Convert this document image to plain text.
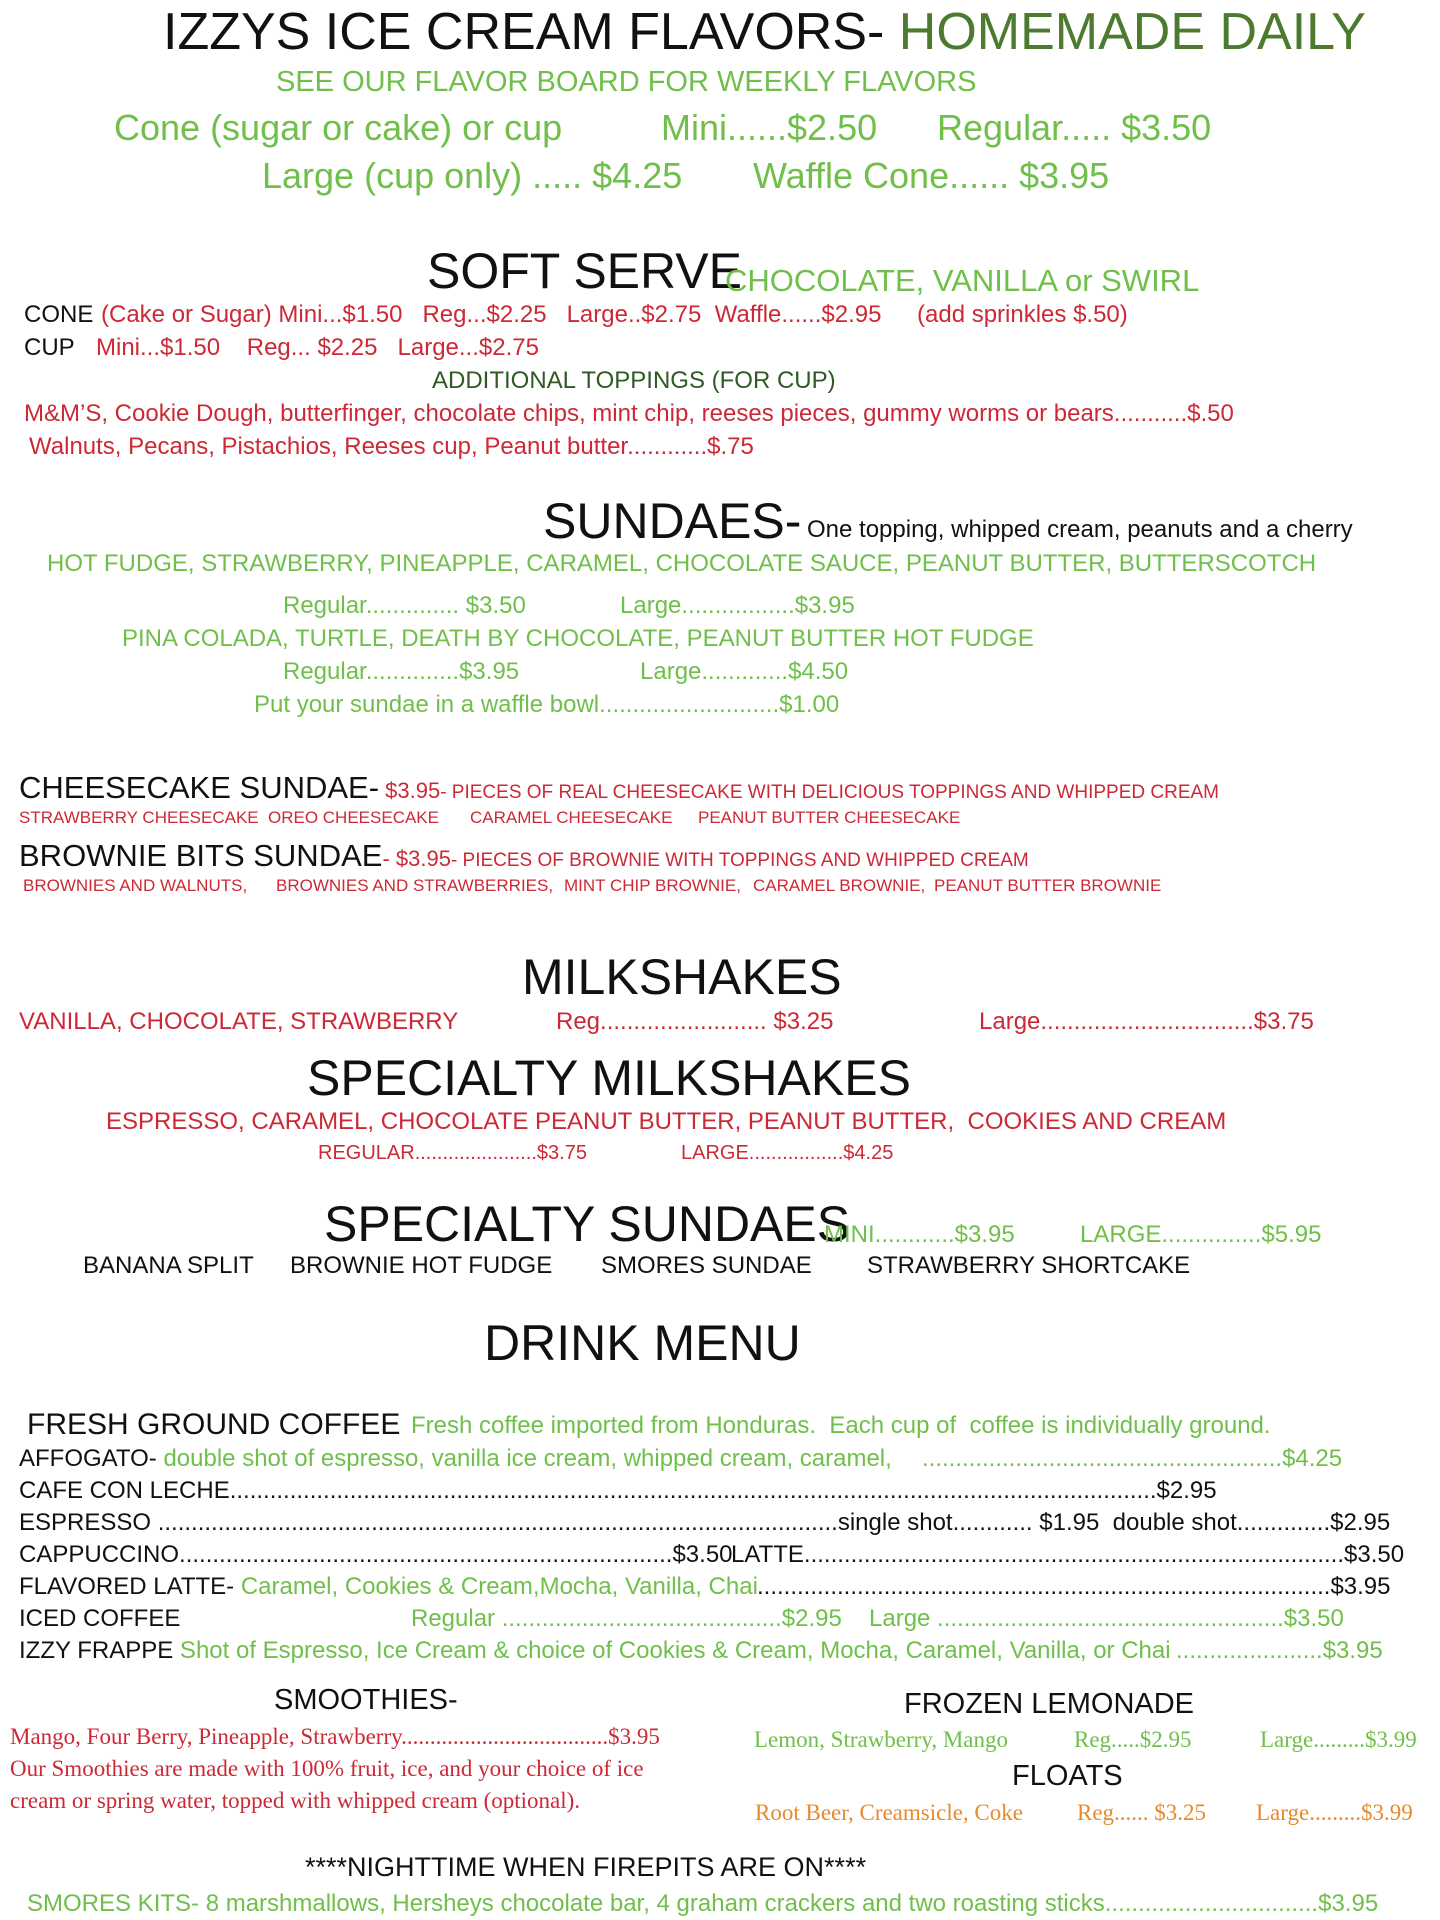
IZZYS ICE CREAM FLAVORS- HOMEMADE DAILY
SEE OUR FLAVOR BOARD FOR WEEKLY FLAVORS
Cone (sugar or cake) or cup	Mini......$2.50 Regular..... $3.50
Large (cup only) ..... $4.25 Waffle Cone...... $3.95
SOFT SERVE
CHOCOLATE, VANILLA or SWIRL
CONE (Cake or Sugar) Mini...$1.50   Reg...$2.25   Large..$2.75  Waffle......$2.95 (add sprinkles $.50)
CUP Mini...$1.50    Reg... $2.25   Large...$2.75
ADDITIONAL TOPPINGS (FOR CUP)
M&M’S, Cookie Dough, butterfinger, chocolate chips, mint chip, reeses pieces, gummy worms or bears...........$.50
Walnuts, Pecans, Pistachios, Reeses cup, Peanut butter............$.75
SUNDAES- One topping, whipped cream, peanuts and a cherry
HOT FUDGE, STRAWBERRY, PINEAPPLE, CARAMEL, CHOCOLATE SAUCE, PEANUT BUTTER, BUTTERSCOTCH
Regular.............. $3.50	Large.................$3.95
PINA COLADA, TURTLE, DEATH BY CHOCOLATE, PEANUT BUTTER HOT FUDGE
Regular..............$3.95	Large.............$4.50
Put your sundae in a waffle bowl...........................$1.00
CHEESECAKE SUNDAE- $3.95- PIECES OF REAL CHEESECAKE WITH DELICIOUS TOPPINGS AND WHIPPED CREAM
STRAWBERRY CHEESECAKE OREO CHEESECAKE CARAMEL CHEESECAKE PEANUT BUTTER CHEESECAKE
BROWNIE BITS SUNDAE- $3.95- PIECES OF BROWNIE WITH TOPPINGS AND WHIPPED CREAM
BROWNIES AND WALNUTS, BROWNIES AND STRAWBERRIES, MINT CHIP BROWNIE, CARAMEL BROWNIE, PEANUT BUTTER BROWNIE
MILKSHAKES
VANILLA, CHOCOLATE, STRAWBERRY	Reg......................... $3.25	Large................................$3.75
SPECIALTY MILKSHAKES
ESPRESSO, CARAMEL, CHOCOLATE PEANUT BUTTER, PEANUT BUTTER,  COOKIES AND CREAM
REGULAR......................$3.75	LARGE.................$4.25
SPECIALTY SUNDAES
MINI............$3.95	LARGE...............$5.95
BANANA SPLIT BROWNIE HOT FUDGE SMORES SUNDAE STRAWBERRY SHORTCAKE
DRINK MENU
FRESH GROUND COFFEE Fresh coffee imported from Honduras.  Each cup of  coffee is individually ground.
AFFOGATO- double shot of espresso, vanilla ice cream, whipped cream, caramel, ......................................................$4.25
CAFE CON LECHE...........................................................................................................................................$2.95
ESPRESSO ......................................................................................................single shot............ $1.95  double shot..............$2.95
CAPPUCCINO..........................................................................$3.50
LATTE.................................................................................$3.50
FLAVORED LATTE- Caramel, Cookies & Cream,Mocha, Vanilla, Chai
......................................................................................$3.95
ICED COFFEE	Regular ..........................................$2.95 Large ....................................................$3.50
IZZY FRAPPE Shot of Espresso, Ice Cream & choice of Cookies & Cream, Mocha, Caramel, Vanilla, or Chai ......................$3.95
SMOOTHIES-
Mango, Four Berry, Pineapple, Strawberry....................................$3.95
Our Smoothies are made with 100% fruit, ice, and your choice of ice
cream or spring water, topped with whipped cream (optional).
FROZEN LEMONADE
Lemon, Strawberry, Mango	Reg.....$2.95	Large.........$3.99
FLOATS
Root Beer, Creamsicle, Coke Reg...... $3.25 Large.........$3.99
****NIGHTTIME WHEN FIREPITS ARE ON****
SMORES KITS- 8 marshmallows, Hersheys chocolate bar, 4 graham crackers and two roasting sticks................................$3.95
